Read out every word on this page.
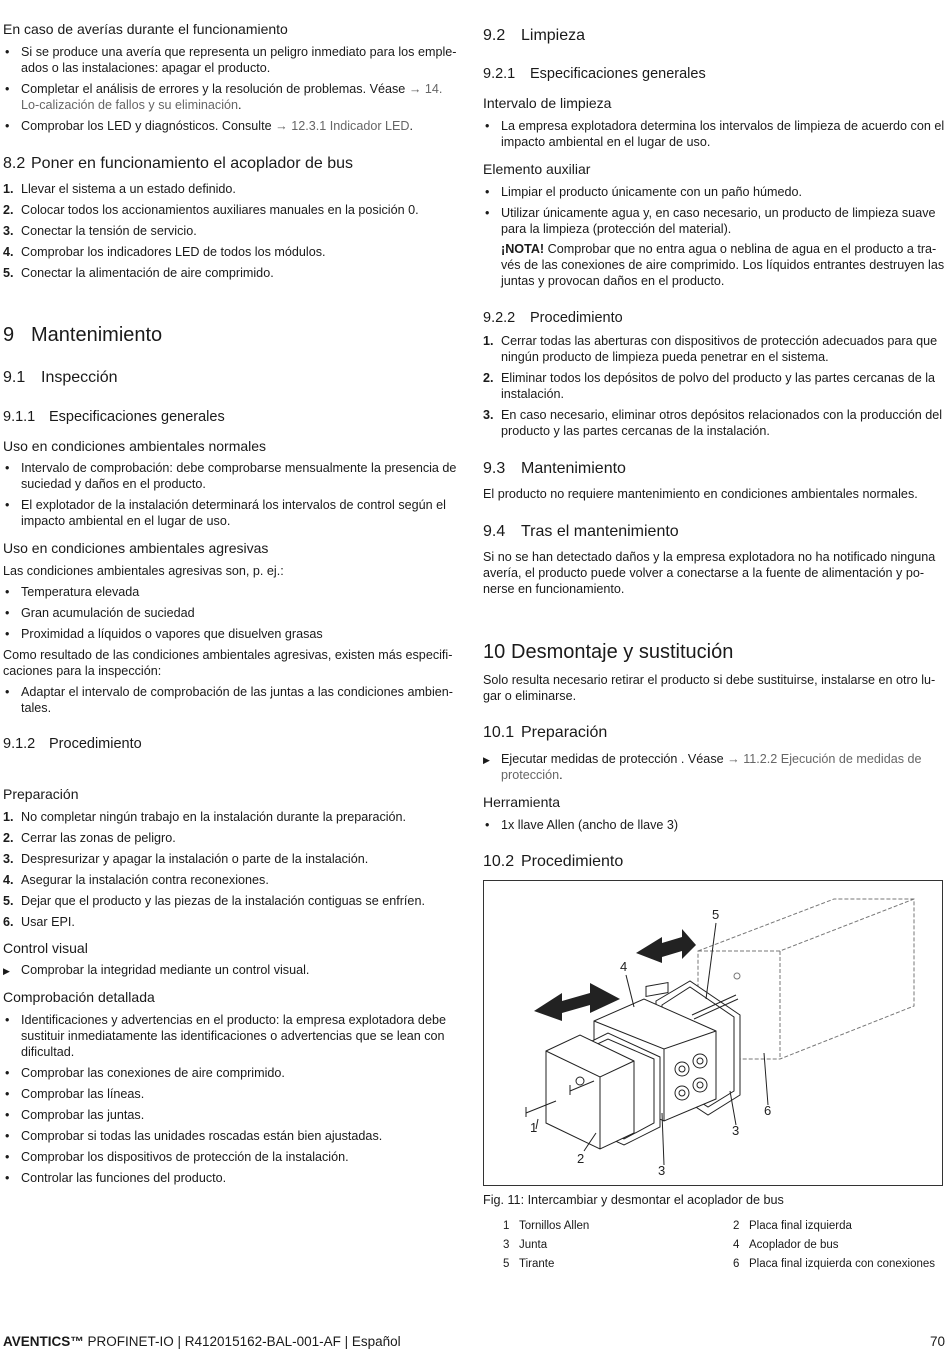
En caso de averías durante el funcionamiento
• Si se produce una avería que representa un peligro inmediato para los emple-ados o las instalaciones: apagar el producto.
• Completar el análisis de errores y la resolución de problemas. Véase → 14. Lo-calización de fallos y su eliminación.
• Comprobar los LED y diagnósticos. Consulte → 12.3.1 Indicador LED.
8.2 Poner en funcionamiento el acoplador de bus
1. Llevar el sistema a un estado definido.
2. Colocar todos los accionamientos auxiliares manuales en la posición 0.
3. Conectar la tensión de servicio.
4. Comprobar los indicadores LED de todos los módulos.
5. Conectar la alimentación de aire comprimido.
9 Mantenimiento
9.1 Inspección
9.1.1 Especificaciones generales
Uso en condiciones ambientales normales
• Intervalo de comprobación: debe comprobarse mensualmente la presencia de suciedad y daños en el producto.
• El explotador de la instalación determinará los intervalos de control según el impacto ambiental en el lugar de uso.
Uso en condiciones ambientales agresivas

Las condiciones ambientales agresivas son, p. ej.:

• Temperatura elevada
• Gran acumulación de suciedad
• Proximidad a líquidos o vapores que disuelven grasas

Como resultado de las condiciones ambientales agresivas, existen más especifi-caciones para la inspección:

• Adaptar el intervalo de comprobación de las juntas a las condiciones ambien-tales.
9.1.2 Procedimiento
Preparación
1. No completar ningún trabajo en la instalación durante la preparación.
2. Cerrar las zonas de peligro.
3. Despresurizar y apagar la instalación o parte de la instalación.
4. Asegurar la instalación contra reconexiones.
5. Dejar que el producto y las piezas de la instalación contiguas se enfríen.
6. Usar EPI.
Control visual
▶ Comprobar la integridad mediante un control visual.
Comprobación detallada
• Identificaciones y advertencias en el producto: la empresa explotadora debe sustituir inmediatamente las identificaciones o advertencias que se lean con dificultad.
• Comprobar las conexiones de aire comprimido.
• Comprobar las líneas.
• Comprobar las juntas.
• Comprobar si todas las unidades roscadas están bien ajustadas.
• Comprobar los dispositivos de protección de la instalación.
• Controlar las funciones del producto.
9.2 Limpieza
9.2.1 Especificaciones generales
Intervalo de limpieza
• La empresa explotadora determina los intervalos de limpieza de acuerdo con el impacto ambiental en el lugar de uso.
Elemento auxiliar
• Limpiar el producto únicamente con un paño húmedo.
• Utilizar únicamente agua y, en caso necesario, un producto de limpieza suave para la limpieza (protección del material).

¡NOTA! Comprobar que no entra agua o neblina de agua en el producto a tra-vés de las conexiones de aire comprimido. Los líquidos entrantes destruyen las juntas y provocan daños en el producto.

9.2.2 Procedimiento
1. Cerrar todas las aberturas con dispositivos de protección adecuados para que ningún producto de limpieza pueda penetrar en el sistema.
2. Eliminar todos los depósitos de polvo del producto y las partes cercanas de la instalación.
3. En caso necesario, eliminar otros depósitos relacionados con la producción del producto y las partes cercanas de la instalación.
9.3 Mantenimiento

El producto no requiere mantenimiento en condiciones ambientales normales.

9.4 Tras el mantenimiento

Si no se han detectado daños y la empresa explotadora no ha notificado ninguna avería, el producto puede volver a conectarse a la fuente de alimentación y po-nerse en funcionamiento.

10 Desmontaje y sustitución

Solo resulta necesario retirar el producto si debe sustituirse, instalarse en otro lu-gar o eliminarse.

10.1 Preparación
▶ Ejecutar medidas de protección . Véase → 11.2.2 Ejecución de medidas de protección.
Herramienta
• 1x llave Allen (ancho de llave 3)
10.2 Procedimiento
1
2
3
3
4
5
6
Fig. 11: Intercambiar y desmontar el acoplador de bus
1 Tornillos Allen	2 Placa final izquierda
3 Junta	4 Acoplador de bus
5 Tirante	6 Placa final izquierda con conexiones
AVENTICS™ PROFINET-IO | R412015162-BAL-001-AF | Español	70
